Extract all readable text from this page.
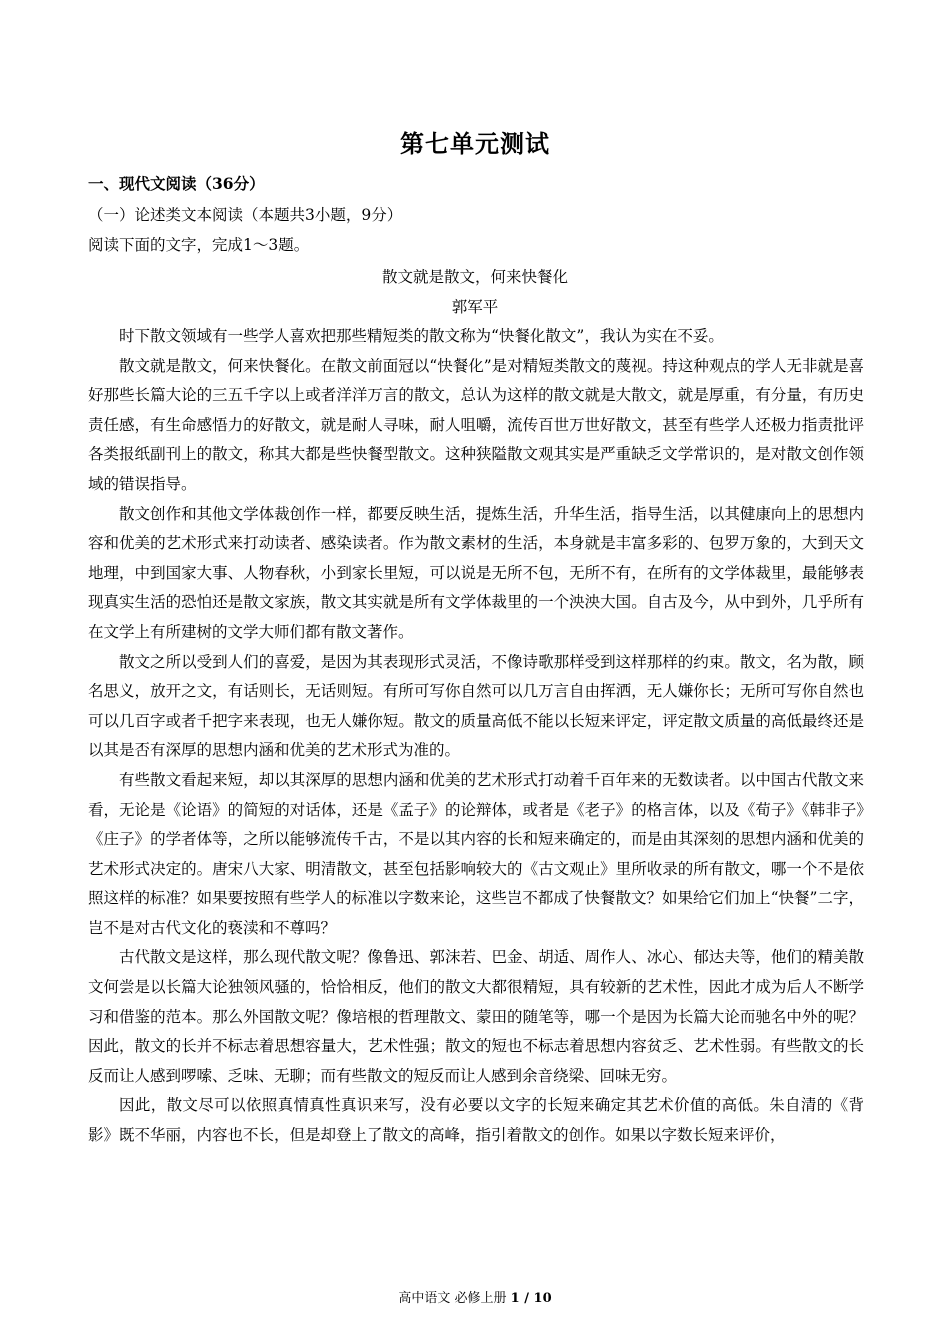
第七单元测试
一、现代文阅读（36分）
（一）论述类文本阅读（本题共3小题，9分）
阅读下面的文字，完成1～3题。
散文就是散文，何来快餐化
郭军平

时下散文领域有一些学人喜欢把那些精短类的散文称为“快餐化散文”，我认为实在不妥。

散文就是散文，何来快餐化。在散文前面冠以“快餐化”是对精短类散文的蔑视。持这种观点的学人无非就是喜好那些长篇大论的三五千字以上或者洋洋万言的散文，总认为这样的散文就是大散文，就是厚重，有分量，有历史责任感，有生命感悟力的好散文，就是耐人寻味，耐人咀嚼，流传百世万世好散文，甚至有些学人还极力指责批评各类报纸副刊上的散文，称其大都是些快餐型散文。这种狭隘散文观其实是严重缺乏文学常识的，是对散文创作领域的错误指导。

散文创作和其他文学体裁创作一样，都要反映生活，提炼生活，升华生活，指导生活，以其健康向上的思想内容和优美的艺术形式来打动读者、感染读者。作为散文素材的生活，本身就是丰富多彩的、包罗万象的，大到天文地理，中到国家大事、人物春秋，小到家长里短，可以说是无所不包，无所不有，在所有的文学体裁里，最能够表现真实生活的恐怕还是散文家族，散文其实就是所有文学体裁里的一个泱泱大国。自古及今，从中到外，几乎所有在文学上有所建树的文学大师们都有散文著作。

散文之所以受到人们的喜爱，是因为其表现形式灵活，不像诗歌那样受到这样那样的约束。散文，名为散，顾名思义，放开之文，有话则长，无话则短。有所可写你自然可以几万言自由挥洒，无人嫌你长；无所可写你自然也可以几百字或者千把字来表现，也无人嫌你短。散文的质量高低不能以长短来评定，评定散文质量的高低最终还是以其是否有深厚的思想内涵和优美的艺术形式为准的。

有些散文看起来短，却以其深厚的思想内涵和优美的艺术形式打动着千百年来的无数读者。以中国古代散文来看，无论是《论语》的简短的对话体，还是《孟子》的论辩体，或者是《老子》的格言体，以及《荀子》《韩非子》《庄子》的学者体等，之所以能够流传千古，不是以其内容的长和短来确定的，而是由其深刻的思想内涵和优美的艺术形式决定的。唐宋八大家、明清散文，甚至包括影响较大的《古文观止》里所收录的所有散文，哪一个不是依照这样的标准？如果要按照有些学人的标准以字数来论，这些岂不都成了快餐散文？如果给它们加上“快餐”二字，岂不是对古代文化的亵渎和不尊吗？

古代散文是这样，那么现代散文呢？像鲁迅、郭沫若、巴金、胡适、周作人、冰心、郁达夫等，他们的精美散文何尝是以长篇大论独领风骚的，恰恰相反，他们的散文大都很精短，具有较新的艺术性，因此才成为后人不断学习和借鉴的范本。那么外国散文呢？像培根的哲理散文、蒙田的随笔等，哪一个是因为长篇大论而驰名中外的呢？因此，散文的长并不标志着思想容量大，艺术性强；散文的短也不标志着思想内容贫乏、艺术性弱。有些散文的长反而让人感到啰嗦、乏味、无聊；而有些散文的短反而让人感到余音绕梁、回味无穷。

因此，散文尽可以依照真情真性真识来写，没有必要以文字的长短来确定其艺术价值的高低。朱自清的《背影》既不华丽，内容也不长，但是却登上了散文的高峰，指引着散文的创作。如果以字数长短来评价，

高中语文 必修上册 1 / 10
